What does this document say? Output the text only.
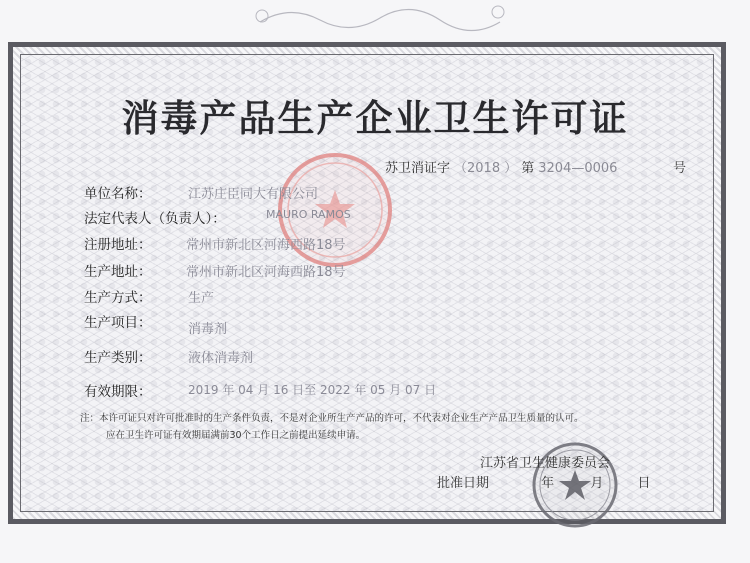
消毒产品生产企业卫生许可证
苏卫消证字 （2018 ） 第 3204—0006	号
单位名称：	江苏庄臣同大有限公司
法定代表人（负责人）：	MAURO RAMOS
注册地址：	常州市新北区河海西路18号
生产地址：	常州市新北区河海西路18号
生产方式：	生产
生产项目：	消毒剂
生产类别：	液体消毒剂
有效期限：	2019 年 04 月 16 日至 2022 年 05 月 07 日
注：本许可证只对许可批准时的生产条件负责，不是对企业所生产产品的许可，不代表对企业生产产品卫生质量的认可。
应在卫生许可证有效期届满前30个工作日之前提出延续申请。
江苏省卫生健康委员会
批准日期	年	月	日
